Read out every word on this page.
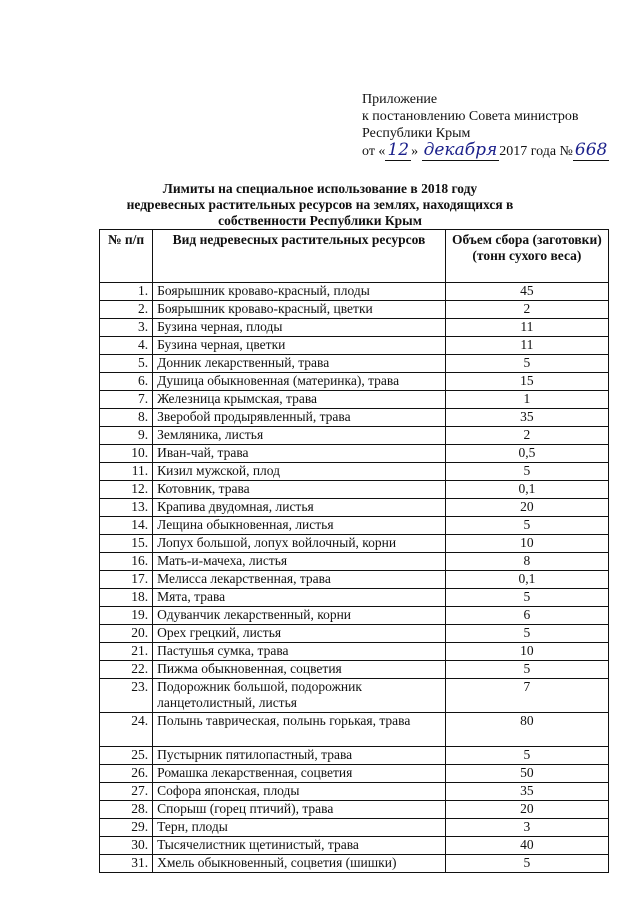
Приложение
к постановлению Совета министров
Республики Крым
от « 12 » декабря 2017 года № 668
Лимиты на специальное использование в 2018 году недревесных растительных ресурсов на землях, находящихся в собственности Республики Крым
№ п/п	Вид недревесных растительных ресурсов	Объем сбора (заготовки) (тонн сухого веса)
1.	Боярышник кроваво-красный, плоды	45
2.	Боярышник кроваво-красный, цветки	2
3.	Бузина черная, плоды	11
4.	Бузина черная, цветки	11
5.	Донник лекарственный, трава	5
6.	Душица обыкновенная (материнка), трава	15
7.	Железница крымская, трава	1
8.	Зверобой продырявленный, трава	35
9.	Земляника, листья	2
10.	Иван-чай, трава	0,5
11.	Кизил мужской, плод	5
12.	Котовник, трава	0,1
13.	Крапива двудомная, листья	20
14.	Лещина обыкновенная, листья	5
15.	Лопух большой, лопух войлочный, корни	10
16.	Мать-и-мачеха, листья	8
17.	Мелисса лекарственная, трава	0,1
18.	Мята, трава	5
19.	Одуванчик лекарственный, корни	6
20.	Орех грецкий, листья	5
21.	Пастушья сумка, трава	10
22.	Пижма обыкновенная, соцветия	5
23.	Подорожник большой, подорожник ланцетолистный, листья	7
24.	Полынь таврическая, полынь горькая, трава	80
25.	Пустырник пятилопастный, трава	5
26.	Ромашка лекарственная, соцветия	50
27.	Софора японская, плоды	35
28.	Спорыш (горец птичий), трава	20
29.	Терн, плоды	3
30.	Тысячелистник щетинистый, трава	40
31.	Хмель обыкновенный, соцветия (шишки)	5
